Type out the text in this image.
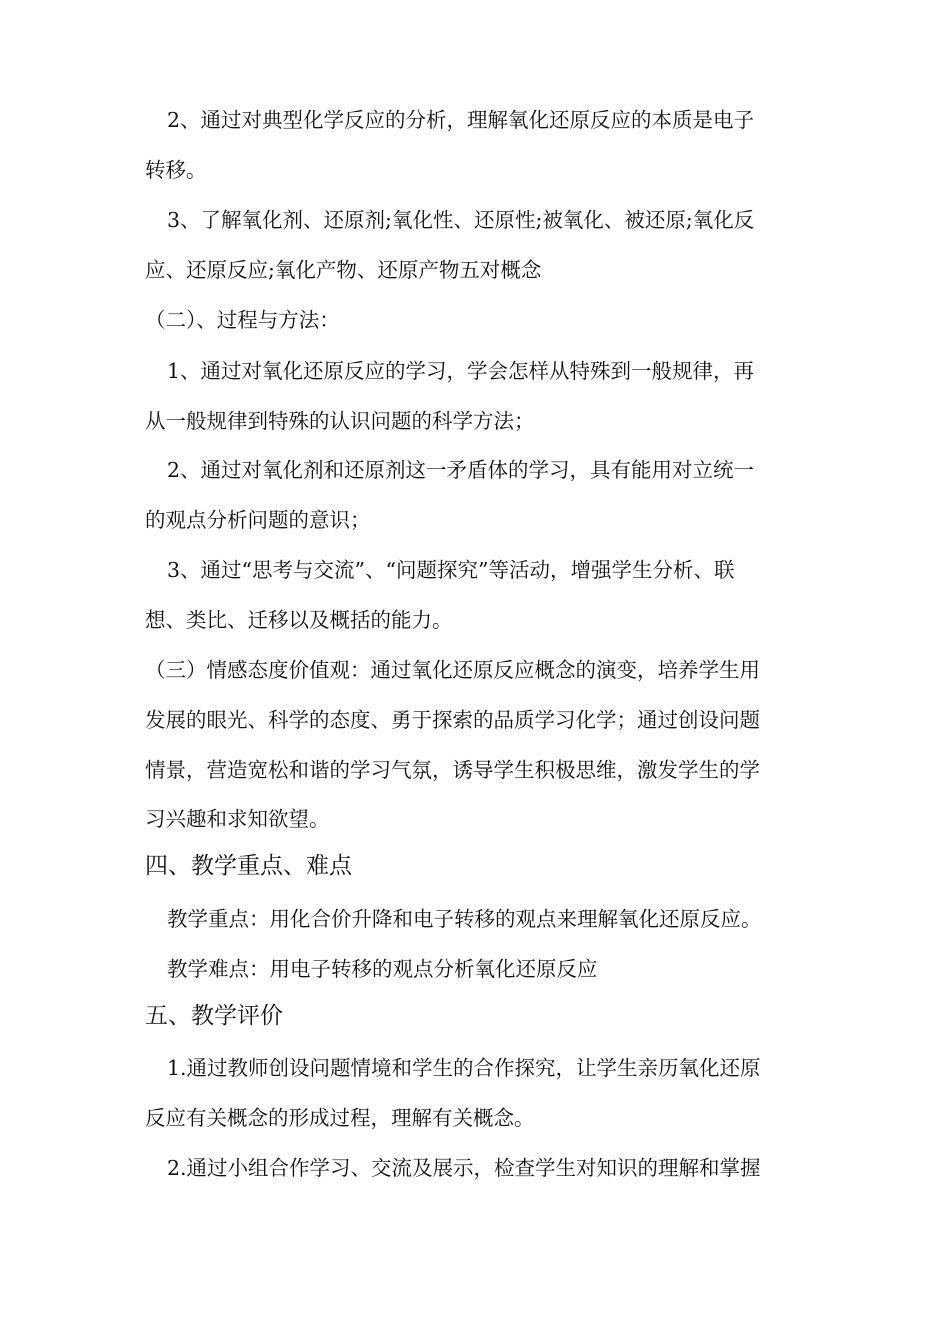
2、通过对典型化学反应的分析，理解氧化还原反应的本质是电子
转移。
3、了解氧化剂、还原剂;氧化性、还原性;被氧化、被还原;氧化反
应、还原反应;氧化产物、还原产物五对概念
（二）、过程与方法：
1、通过对氧化还原反应的学习，学会怎样从特殊到一般规律，再
从一般规律到特殊的认识问题的科学方法；
2、通过对氧化剂和还原剂这一矛盾体的学习，具有能用对立统一
的观点分析问题的意识；
3、通过“思考与交流”、“问题探究”等活动，增强学生分析、联
想、类比、迁移以及概括的能力。
（三）情感态度价值观：通过氧化还原反应概念的演变，培养学生用
发展的眼光、科学的态度、勇于探索的品质学习化学；通过创设问题
情景，营造宽松和谐的学习气氛，诱导学生积极思维，激发学生的学
习兴趣和求知欲望。
四、教学重点、难点
教学重点：用化合价升降和电子转移的观点来理解氧化还原反应。
教学难点：用电子转移的观点分析氧化还原反应
五、教学评价
1.通过教师创设问题情境和学生的合作探究，让学生亲历氧化还原
反应有关概念的形成过程，理解有关概念。
2.通过小组合作学习、交流及展示，检查学生对知识的理解和掌握
